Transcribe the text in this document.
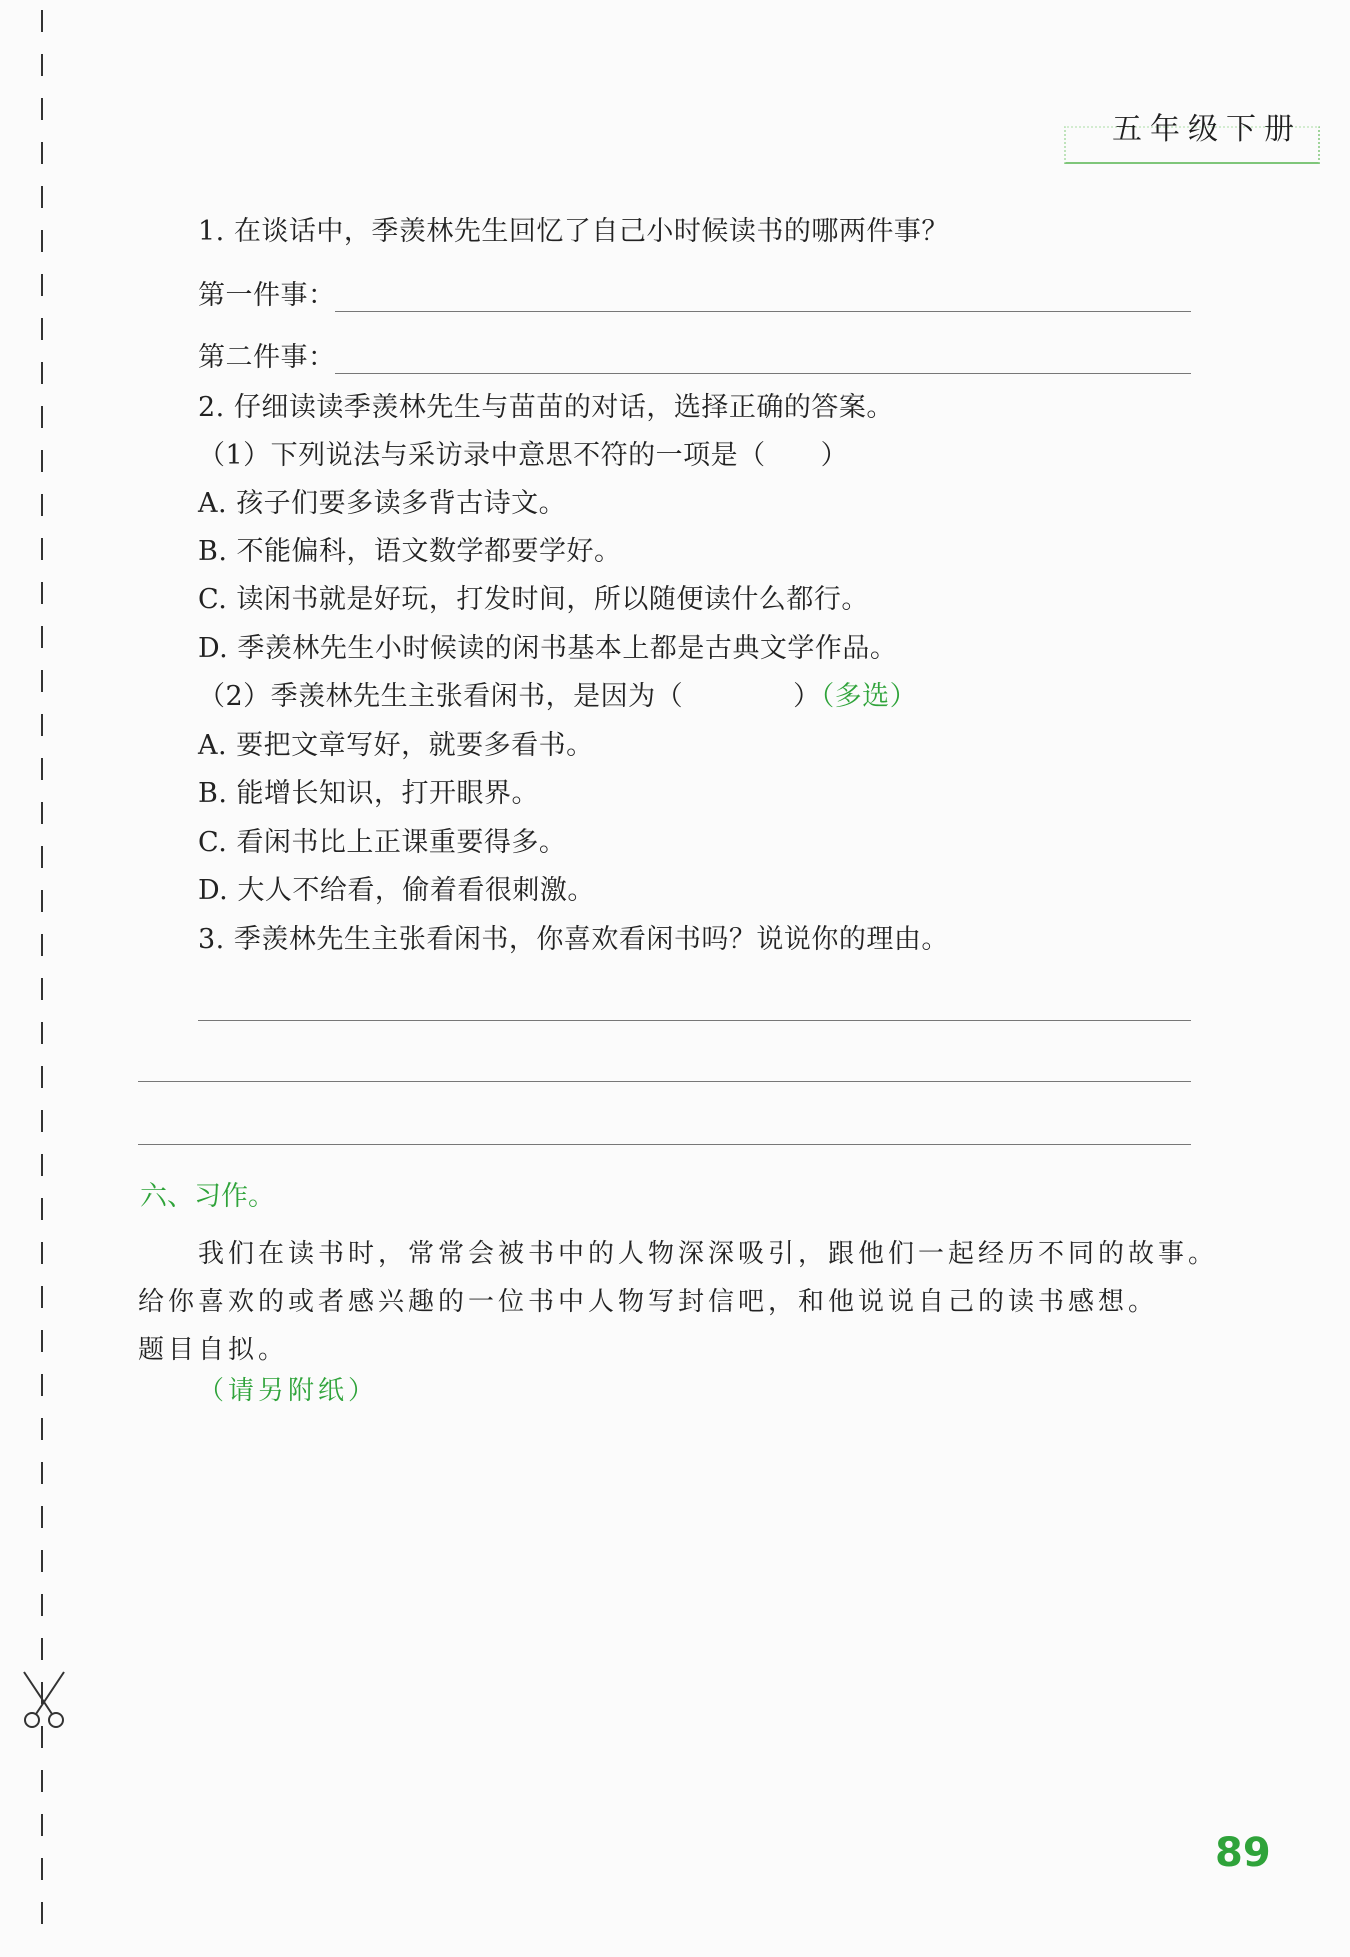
五年级下册
1. 在谈话中，季羡林先生回忆了自己小时候读书的哪两件事？
第一件事：
第二件事：
2. 仔细读读季羡林先生与苗苗的对话，选择正确的答案。
（1）下列说法与采访录中意思不符的一项是（　　）
A. 孩子们要多读多背古诗文。
B. 不能偏科，语文数学都要学好。
C. 读闲书就是好玩，打发时间，所以随便读什么都行。
D. 季羡林先生小时候读的闲书基本上都是古典文学作品。
（2）季羡林先生主张看闲书，是因为（　　　　）（多选）
A. 要把文章写好，就要多看书。
B. 能增长知识，打开眼界。
C. 看闲书比上正课重要得多。
D. 大人不给看，偷着看很刺激。
3. 季羡林先生主张看闲书，你喜欢看闲书吗？说说你的理由。
六、习作。
我们在读书时，常常会被书中的人物深深吸引，跟他们一起经历不同的故事。
给你喜欢的或者感兴趣的一位书中人物写封信吧，和他说说自己的读书感想。
题目自拟。
（请另附纸）
89
